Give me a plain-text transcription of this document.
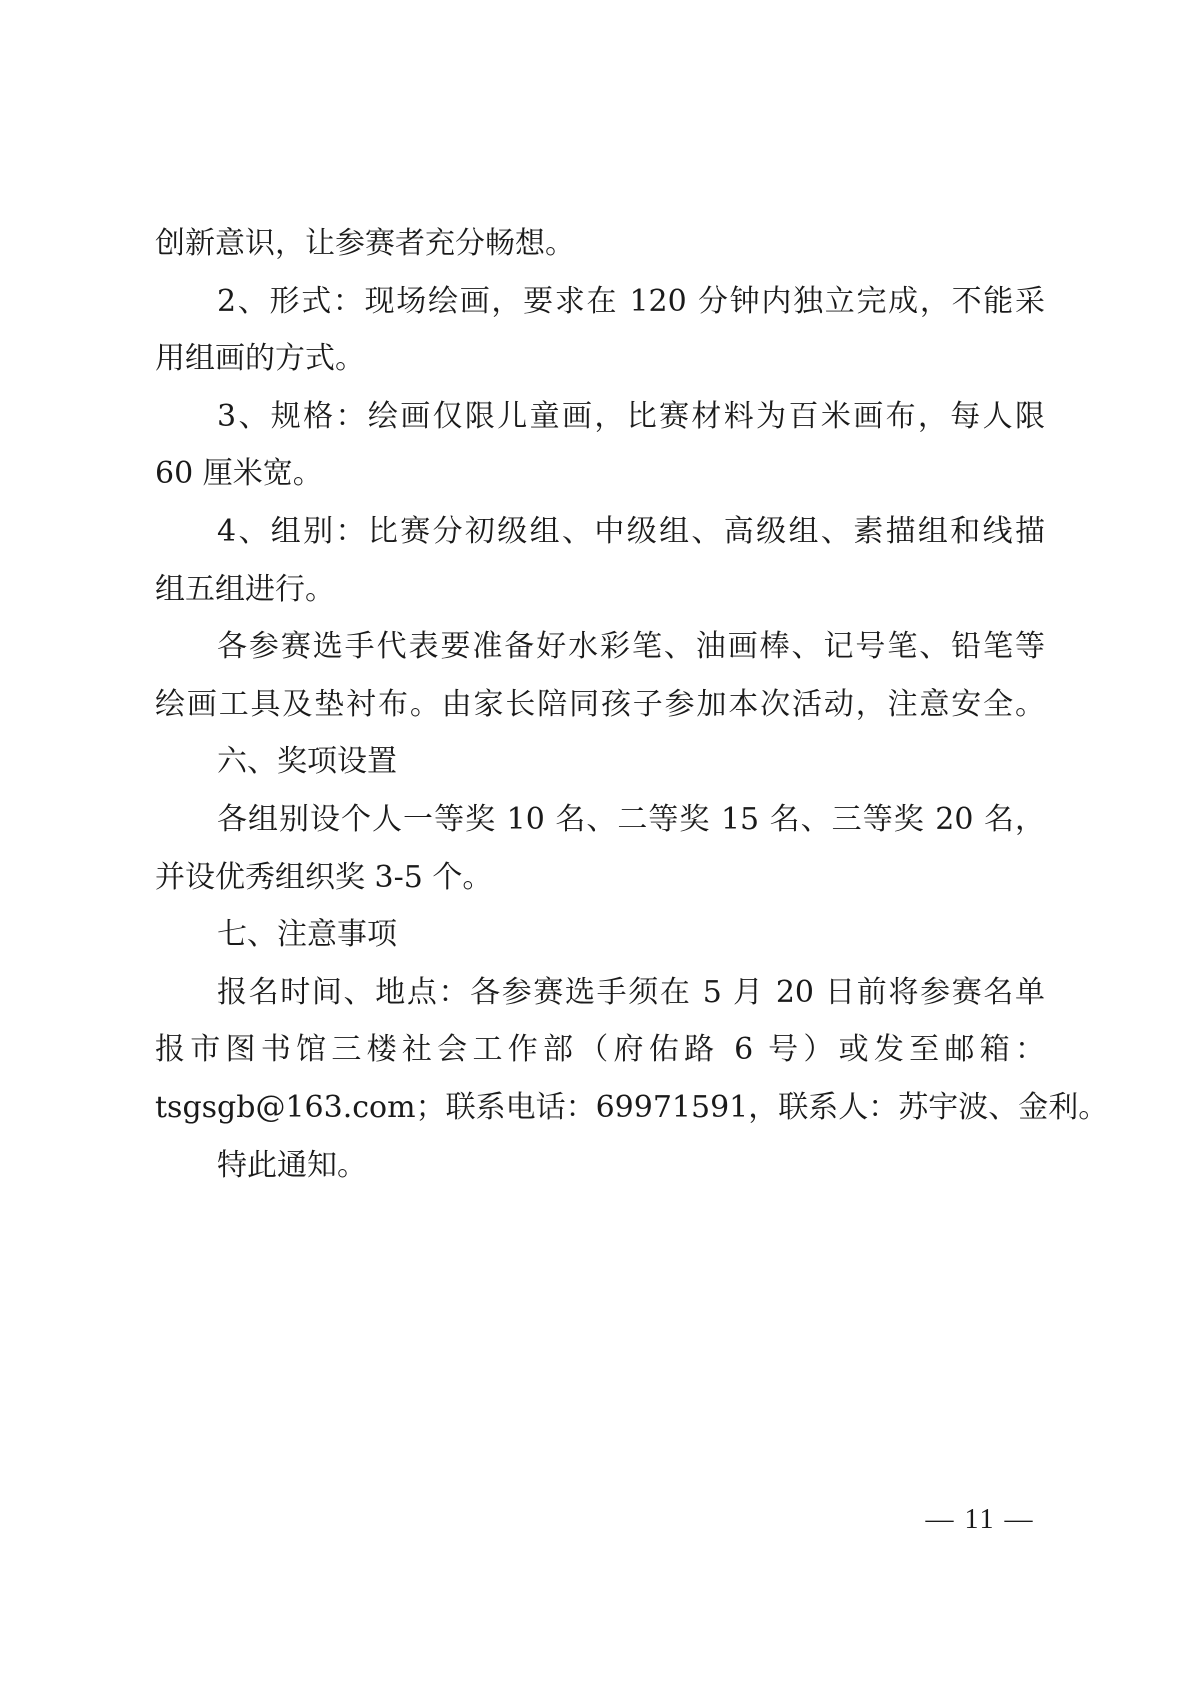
创新意识，让参赛者充分畅想。
2、形式：现场绘画，要求在 120 分钟内独立完成，不能采
用组画的方式。
3、规格：绘画仅限儿童画，比赛材料为百米画布，每人限
60 厘米宽。
4、组别：比赛分初级组、中级组、高级组、素描组和线描
组五组进行。
各参赛选手代表要准备好水彩笔、油画棒、记号笔、铅笔等
绘画工具及垫衬布。由家长陪同孩子参加本次活动，注意安全。
六、奖项设置
各组别设个人一等奖 10 名、二等奖 15 名、三等奖 20 名，
并设优秀组织奖 3-5 个。
七、注意事项
报名时间、地点：各参赛选手须在 5 月 20 日前将参赛名单
报市图书馆三楼社会工作部（府佑路 6 号）或发至邮箱：
tsgsgb@163.com；联系电话：69971591，联系人：苏宇波、金利。
特此通知。
— 11 —
